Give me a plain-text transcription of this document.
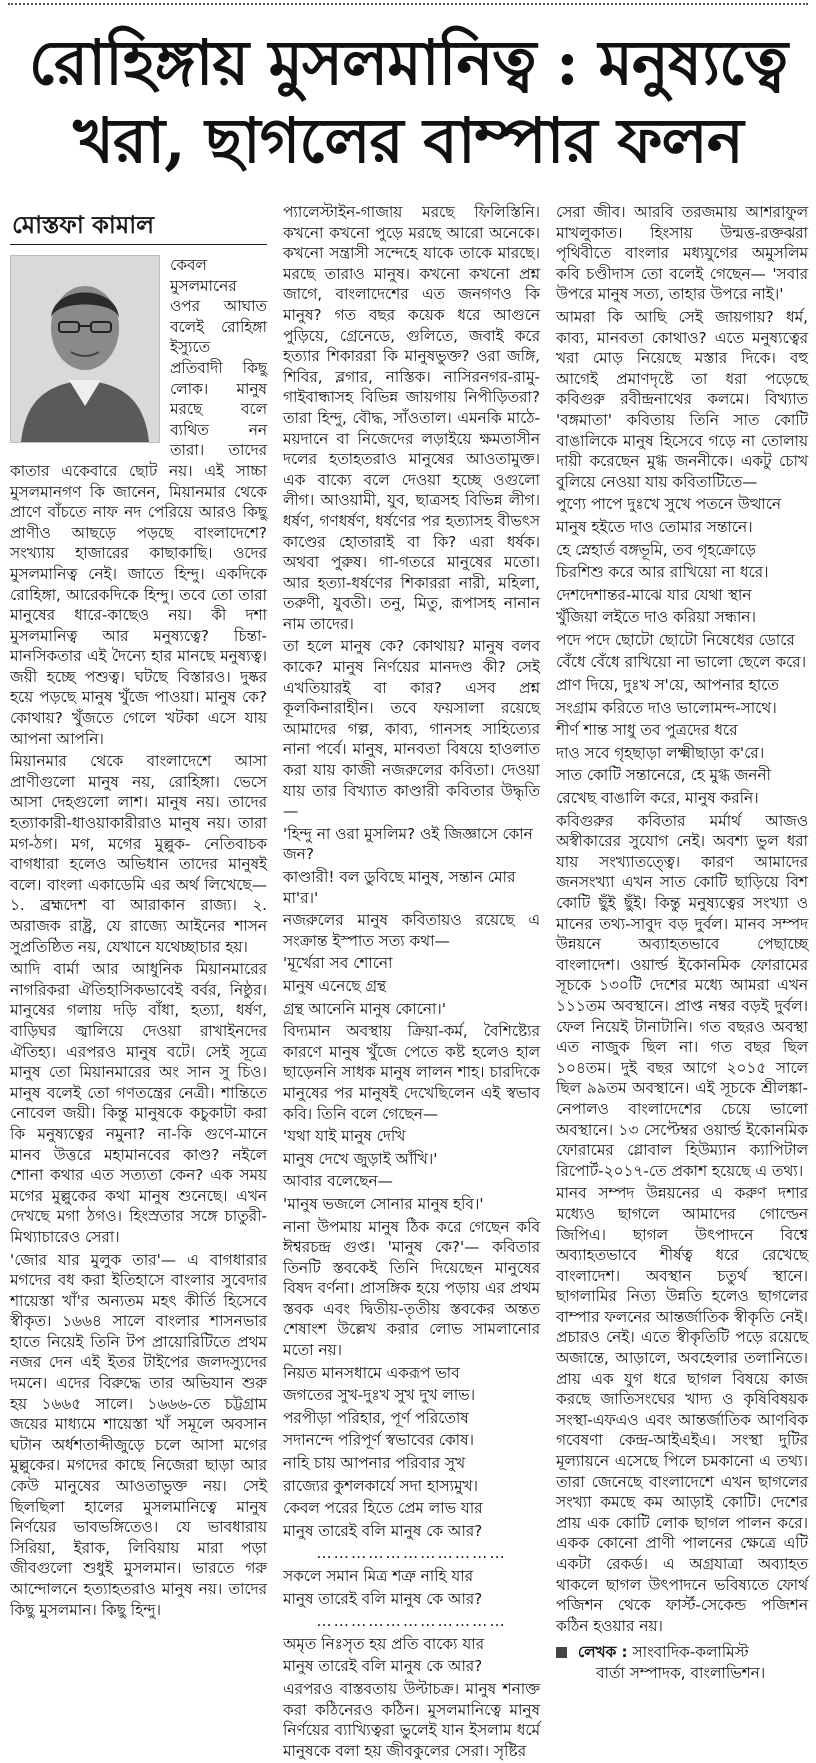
রোহিঙ্গায় মুসলমানিত্ব : মনুষ্যত্বে
খরা, ছাগলের বাম্পার ফলন
মোস্তফা কামাল

কেবল মুসলমানের ওপর আঘাত বলেই রোহিঙ্গা ইস্যুতে প্রতিবাদী কিছু লোক। মানুষ মরছে বলে ব্যথিত নন তারা। তাদের কাতার একেবারে ছোট নয়। এই সাচ্চা মুসলমানগণ কি জানেন, মিয়ানমার থেকে প্রাণে বাঁচতে নাফ নদ পেরিয়ে আরও কিছু প্রাণীও আছড়ে পড়ছে বাংলাদেশে? সংখ্যায় হাজারের কাছাকাছি। ওদের মুসলমানিত্ব নেই। জাতে হিন্দু। একদিকে রোহিঙ্গা, আরেকদিকে হিন্দু। তবে তো তারা মানুষের ধারে-কাছেও নয়। কী দশা মুসলমানিত্ব আর মনুষ্যত্বে? চিন্তা-মানসিকতার এই দৈন্যে হার মানছে মনুষ্যত্ব। জয়ী হচ্ছে পশুত্ব। ঘটছে বিস্তারও। দুষ্কর হয়ে পড়ছে মানুষ খুঁজে পাওয়া। মানুষ কে? কোথায়? খুঁজতে গেলে খটকা এসে যায় আপনা আপনি।

মিয়ানমার থেকে বাংলাদেশে আসা প্রাণীগুলো মানুষ নয়, রোহিঙ্গা। ভেসে আসা দেহগুলো লাশ। মানুষ নয়। তাদের হত্যাকারী-ধাওয়াকারীরাও মানুষ নয়। তারা মগ-ঠগ। মগ, মগের মুল্লুক- নেতিবাচক বাগধারা হলেও অভিধান তাদের মানুষই বলে। বাংলা একাডেমি এর অর্থ লিখেছে— ১. ব্রহ্মদেশ বা আরাকান রাজ্য। ২. অরাজক রাষ্ট্র, যে রাজ্যে আইনের শাসন সুপ্রতিষ্ঠিত নয়, যেখানে যথেচ্ছাচার হয়।

আদি বার্মা আর আধুনিক মিয়ানমারের নাগরিকরা ঐতিহাসিকভাবেই বর্বর, নিষ্ঠুর। মানুষের গলায় দড়ি বাঁধা, হত্যা, ধর্ষণ, বাড়িঘর জ্বালিয়ে দেওয়া রাখাইনদের ঐতিহ্য। এরপরও মানুষ বটে। সেই সূত্রে মানুষ তো মিয়ানমারের অং সান সু চিও। মানুষ বলেই তো গণতন্ত্রের নেত্রী। শান্তিতে নোবেল জয়ী। কিন্তু মানুষকে কচুকাটা করা কি মনুষ্যত্বের নমুনা? না-কি গুণে-মানে মানব উত্তরে মহামানবের কাণ্ড? নইলে শোনা কথার এত সত্যতা কেন? এক সময় মগের মুল্লুকের কথা মানুষ শুনেছে। এখন দেখছে মগা ঠগও। হিংস্রতার সঙ্গে চাতুরী-মিথ্যাচারেও সেরা।

'জোর যার মুলুক তার'— এ বাগধারার মগদের বধ করা ইতিহাসে বাংলার সুবেদার শায়েস্তা খাঁ'র অন্যতম মহৎ কীর্তি হিসেবে স্বীকৃত। ১৬৬৪ সালে বাংলার শাসনভার হাতে নিয়েই তিনি টপ প্রায়োরিটিতে প্রথম নজর দেন এই ইতর টাইপের জলদস্যুদের দমনে। এদের বিরুদ্ধে তার অভিযান শুরু হয় ১৬৬৫ সালে। ১৬৬৬-তে চট্টগ্রাম জয়ের মাধ্যমে শায়েস্তা খাঁ সমূলে অবসান ঘটান অর্ধশতাব্দীজুড়ে চলে আসা মগের মুল্লুকের। মগদের কাছে নিজেরা ছাড়া আর কেউ মানুষের আওতাভুক্ত নয়। সেই ছিলছিলা হালের মুসলমানিত্বে মানুষ নির্ণয়ের ভাবভঙ্গিতেও। যে ভাবধারায় সিরিয়া, ইরাক, লিবিয়ায় মারা পড়া জীবগুলো শুধুই মুসলমান। ভারতে গরু আন্দোলনে হত্যাহতরাও মানুষ নয়। তাদের কিছু মুসলমান। কিছু হিন্দু।

প্যালেস্টাইন-গাজায় মরছে ফিলিস্তিনি। কখনো কখনো পুড়ে মরছে আরো অনেকে। কখনো সন্ত্রাসী সন্দেহে যাকে তাকে মারছে। মরছে তারাও মানুষ। কখনো কখনো প্রশ্ন জাগে, বাংলাদেশের এত জনগণও কি মানুষ? গত বছর কয়েক ধরে আগুনে পুড়িয়ে, গ্রেনেডে, গুলিতে, জবাই করে হত্যার শিকাররা কি মানুষভুক্ত? ওরা জঙ্গি, শিবির, ব্লগার, নাস্তিক। নাসিরনগর-রামু-গাইবান্ধাসহ বিভিন্ন জায়গায় নিপীড়িতরা? তারা হিন্দু, বৌদ্ধ, সাঁওতাল। এমনকি মাঠে-ময়দানে বা নিজেদের লড়াইয়ে ক্ষমতাসীন দলের হতাহতরাও মানুষের আওতামুক্ত। এক বাক্যে বলে দেওয়া হচ্ছে ওগুলো লীগ। আওয়ামী, যুব, ছাত্রসহ বিভিন্ন লীগ। ধর্ষণ, গণধর্ষণ, ধর্ষণের পর হত্যাসহ বীভৎস কাণ্ডের হোতারাই বা কি? এরা ধর্ষক। অথবা পুরুষ। গা-গতরে মানুষের মতো। আর হত্যা-ধর্ষণের শিকাররা নারী, মহিলা, তরুণী, যুবতী। তনু, মিতু, রূপাসহ নানান নাম তাদের।

তা হলে মানুষ কে? কোথায়? মানুষ বলব কাকে? মানুষ নির্ণয়ের মানদণ্ড কী? সেই এখতিয়ারই বা কার? এসব প্রশ্ন কূলকিনারাহীন। তবে ফয়সালা রয়েছে আমাদের গল্প, কাব্য, গানসহ সাহিত্যের নানা পর্বে। মানুষ, মানবতা বিষয়ে হাওলাত করা যায় কাজী নজরুলের কবিতা। দেওয়া যায় তার বিখ্যাত কাণ্ডারী কবিতার উদ্ধৃতি—

'হিন্দু না ওরা মুসলিম? ওই জিজ্ঞাসে কোন জন?

কাণ্ডারী! বল ডুবিছে মানুষ, সন্তান মোর মা'র।'

নজরুলের মানুষ কবিতায়ও রয়েছে এ সংক্রান্ত ইস্পাত সত্য কথা—

'মূর্খেরা সব শোনো

মানুষ এনেছে গ্রন্থ

গ্রন্থ আনেনি মানুষ কোনো।'

বিদ্যমান অবস্থায় ক্রিয়া-কর্ম, বৈশিষ্ট্যের কারণে মানুষ খুঁজে পেতে কষ্ট হলেও হাল ছাড়েননি সাধক মানুষ লালন শাহ। চারদিকে মানুষের পর মানুষই দেখেছিলেন এই স্বভাব কবি। তিনি বলে গেছেন—

'যথা যাই মানুষ দেখি

মানুষ দেখে জুড়াই আঁখি।'

আবার বলেছেন—

'মানুষ ভজলে সোনার মানুষ হবি।'

নানা উপমায় মানুষ ঠিক করে গেছেন কবি ঈশ্বরচন্দ্র গুপ্ত। 'মানুষ কে?'— কবিতার তিনটি স্তবকেই তিনি দিয়েছেন মানুষের বিষদ বর্ণনা। প্রাসঙ্গিক হয়ে পড়ায় এর প্রথম স্তবক এবং দ্বিতীয়-তৃতীয় স্তবকের অন্তত শেষাংশ উল্লেখ করার লোভ সামলানোর মতো নয়।

নিয়ত মানসধামে একরূপ ভাব

জগতের সুখ-দুঃখ সুখ দুখ লাভ।

পরপীড়া পরিহার, পূর্ণ পরিতোষ

সদানন্দে পরিপূর্ণ স্বভাবের কোষ।

নাহি চায় আপনার পরিবার সুখ

রাজ্যের কুশলকার্যে সদা হাস্যমুখ।

কেবল পরের হিতে প্রেম লাভ যার

মানুষ তারেই বলি মানুষ কে আর?

……………………………

সকলে সমান মিত্র শত্রু নাহি যার

মানুষ তারেই বলি মানুষ কে আর?

……………………………

অমৃত নিঃসৃত হয় প্রতি বাক্যে যার

মানুষ তারেই বলি মানুষ কে আর?

এরপরও বাস্তবতায় উল্টাচক্র। মানুষ শনাক্ত করা কঠিনেরও কঠিন। মুসলমানিত্বে মানুষ নির্ণয়ের ব্যাখ্যিত্বরা ভুলেই যান ইসলাম ধর্মে মানুষকে বলা হয় জীবকুলের সেরা। সৃষ্টির

সেরা জীব। আরবি তরজমায় আশরাফুল মাখলুকাত। হিংসায় উন্মত্ত-রক্তঝরা পৃথিবীতে বাংলার মধ্যযুগের অমুসলিম কবি চণ্ডীদাস তো বলেই গেছেন— 'সবার উপরে মানুষ সত্য, তাহার উপরে নাই।'

আমরা কি আছি সেই জায়গায়? ধর্ম, কাব্য, মানবতা কোথাও? এতে মনুষ্যত্বের খরা মোড় নিয়েছে মস্তার দিকে। বহু আগেই প্রমাণদৃষ্টে তা ধরা পড়েছে কবিগুরু রবীন্দ্রনাথের কলমে। বিখ্যাত 'বঙ্গমাতা' কবিতায় তিনি সাত কোটি বাঙালিকে মানুষ হিসেবে গড়ে না তোলায় দায়ী করেছেন মুগ্ধ জননীকে। একটু চোখ বুলিয়ে নেওয়া যায় কবিতাটিতে—

পুণ্যে পাপে দুঃখে সুখে পতনে উত্থানে

মানুষ হইতে দাও তোমার সন্তানে।

হে স্নেহার্ত বঙ্গভূমি, তব গৃহক্রোড়ে

চিরশিশু করে আর রাখিয়ো না ধরে।

দেশদেশান্তর-মাঝে যার যেথা স্থান

খুঁজিয়া লইতে দাও করিয়া সন্ধান।

পদে পদে ছোটো ছোটো নিষেধের ডোরে

বেঁধে বেঁধে রাখিয়ো না ভালো ছেলে করে।

প্রাণ দিয়ে, দুঃখ স'য়ে, আপনার হাতে

সংগ্রাম করিতে দাও ভালোমন্দ-সাথে।

শীর্ণ শান্ত সাধু তব পুত্রদের ধরে

দাও সবে গৃহছাড়া লক্ষ্মীছাড়া ক'রে।

সাত কোটি সন্তানেরে, হে মুগ্ধ জননী

রেখেছ বাঙালি করে, মানুষ করনি।

কবিগুরুর কবিতার মর্মার্থ আজও অস্বীকারের সুযোগ নেই। অবশ্য ভুল ধরা যায় সংখ্যাতত্ত্বে। কারণ আমাদের জনসংখ্যা এখন সাত কোটি ছাড়িয়ে বিশ কোটি ছুঁই ছুঁই। কিন্তু মনুষ্যত্বের সংখ্যা ও মানের তথ্য-সাবুদ বড় দুর্বল। মানব সম্পদ উন্নয়নে অব্যাহতভাবে পেছাচ্ছে বাংলাদেশ। ওয়ার্ল্ড ইকোনমিক ফোরামের সূচকে ১৩০টি দেশের মধ্যে আমরা এখন ১১১তম অবস্থানে। প্রাপ্ত নম্বর বড়ই দুর্বল। ফেল নিয়েই টানাটানি। গত বছরও অবস্থা এত নাজুক ছিল না। গত বছর ছিল ১০৪তম। দুই বছর আগে ২০১৫ সালে ছিল ৯৯তম অবস্থানে। এই সূচকে শ্রীলঙ্কা-নেপালও বাংলাদেশের চেয়ে ভালো অবস্থানে। ১৩ সেপ্টেম্বর ওয়ার্ল্ড ইকোনমিক ফোরামের গ্লোবাল হিউম্যান ক্যাপিটাল রিপোর্ট-২০১৭-তে প্রকাশ হয়েছে এ তথ্য।

মানব সম্পদ উন্নয়নের এ করুণ দশার মধ্যেও ছাগলে আমাদের গোল্ডেন জিপিএ। ছাগল উৎপাদনে বিশ্বে অব্যাহতভাবে শীর্ষত্ব ধরে রেখেছে বাংলাদেশ। অবস্থান চতুর্থ স্থানে। ছাগলামির নিত্য উন্নতি হলেও ছাগলের বাম্পার ফলনের আন্তর্জাতিক স্বীকৃতি নেই। প্রচারও নেই। এতে স্বীকৃতিটি পড়ে রয়েছে অজান্তে, আড়ালে, অবহেলার তলানিতে। প্রায় এক যুগ ধরে ছাগল বিষয়ে কাজ করছে জাতিসংঘের খাদ্য ও কৃষিবিষয়ক সংস্থা-এফএও এবং আন্তর্জাতিক আণবিক গবেষণা কেন্দ্র-আইএইএ। সংস্থা দুটির মূল্যায়নে এসেছে পিলে চমকানো এ তথ্য। তারা জেনেছে বাংলাদেশে এখন ছাগলের সংখ্যা কমছে কম আড়াই কোটি। দেশের প্রায় এক কোটি লোক ছাগল পালন করে। একক কোনো প্রাণী পালনের ক্ষেত্রে এটি একটা রেকর্ড। এ অগ্রযাত্রা অব্যাহত থাকলে ছাগল উৎপাদনে ভবিষ্যতে ফোর্থ পজিশন থেকে ফার্স্ট-সেকেন্ড পজিশন কঠিন হওয়ার নয়।

লেখক : সাংবাদিক-কলামিস্ট
বার্তা সম্পাদক, বাংলাভিশন।
